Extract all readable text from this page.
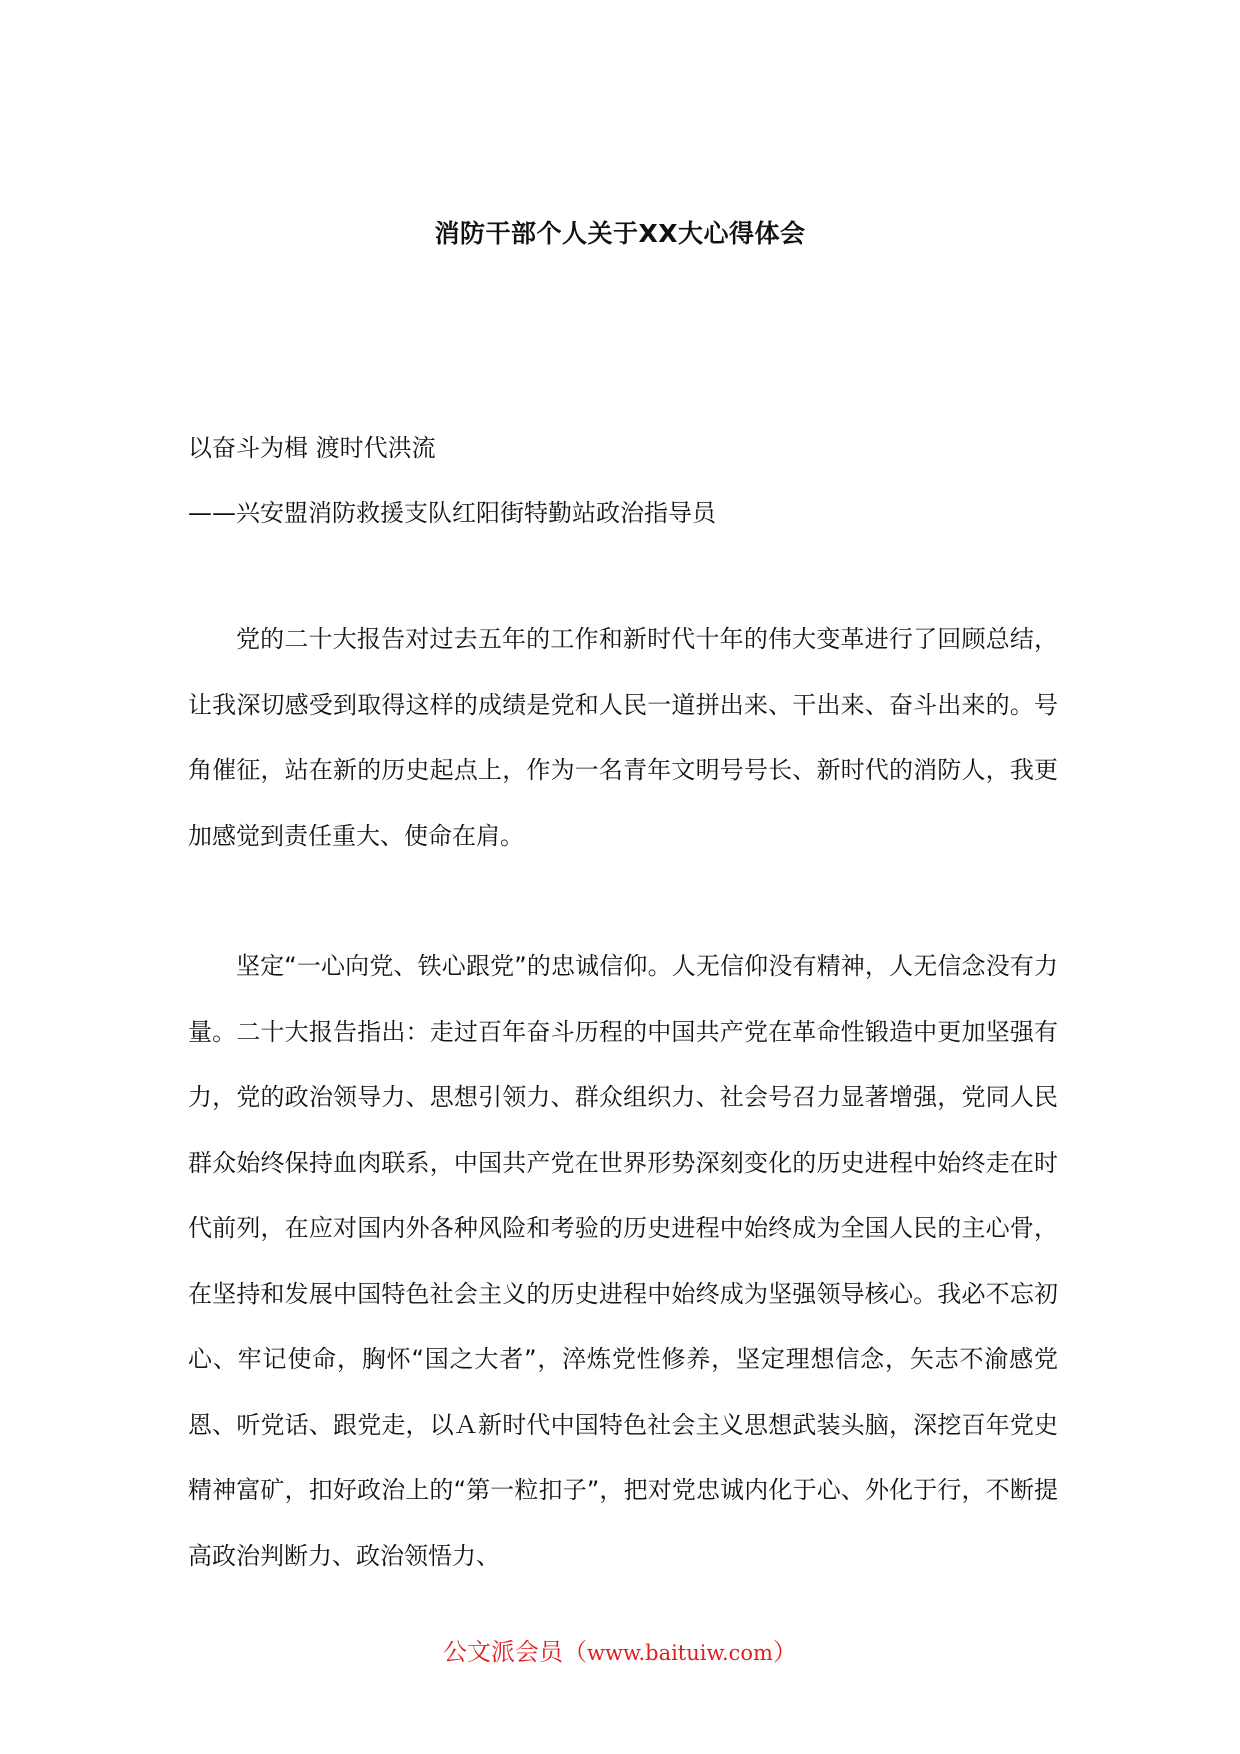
消防干部个人关于XX大心得体会

以奋斗为楫 渡时代洪流

——兴安盟消防救援支队红阳街特勤站政治指导员

党的二十大报告对过去五年的工作和新时代十年的伟大变革进行了回顾总结，让我深切感受到取得这样的成绩是党和人民一道拼出来、干出来、奋斗出来的。号角催征，站在新的历史起点上，作为一名青年文明号号长、新时代的消防人，我更加感觉到责任重大、使命在肩。

坚定“一心向党、铁心跟党”的忠诚信仰。人无信仰没有精神，人无信念没有力量。二十大报告指出：走过百年奋斗历程的中国共产党在革命性锻造中更加坚强有力，党的政治领导力、思想引领力、群众组织力、社会号召力显著增强，党同人民群众始终保持血肉联系，中国共产党在世界形势深刻变化的历史进程中始终走在时代前列，在应对国内外各种风险和考验的历史进程中始终成为全国人民的主心骨，在坚持和发展中国特色社会主义的历史进程中始终成为坚强领导核心。我必不忘初心、牢记使命，胸怀“国之大者”，淬炼党性修养，坚定理想信念，矢志不渝感党恩、听党话、跟党走，以Ａ新时代中国特色社会主义思想武装头脑，深挖百年党史精神富矿，扣好政治上的“第一粒扣子”，把对党忠诚内化于心、外化于行，不断提高政治判断力、政治领悟力、

公文派会员（www.baituiw.com）
